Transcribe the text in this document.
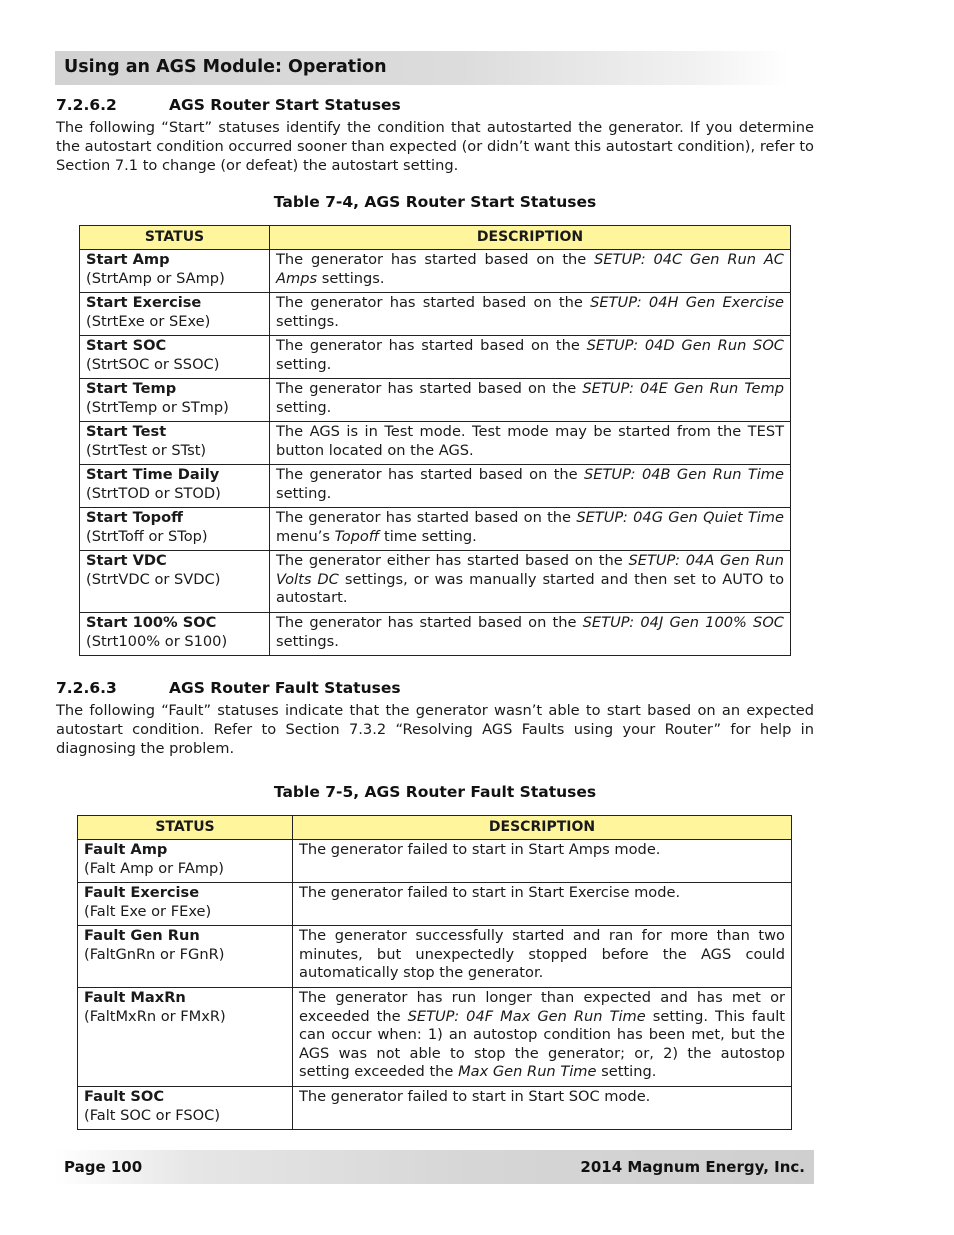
Using an AGS Module: Operation
7.2.6.2	AGS Router Start Statuses

The following “Start” statuses identify the condition that autostarted the generator. If you determine the autostart condition occurred sooner than expected (or didn’t want this autostart condition), refer to Section 7.1 to change (or defeat) the autostart setting.

Table 7-4, AGS Router Start Statuses
STATUS	DESCRIPTION

Start Amp
(StrtAmp or SAmp)	The generator has started based on the SETUP: 04C Gen Run AC Amps settings.

Start Exercise
(StrtExe or SExe)	The generator has started based on the SETUP: 04H Gen Exercise settings.

Start SOC
(StrtSOC or SSOC)	The generator has started based on the SETUP: 04D Gen Run SOC setting.

Start Temp
(StrtTemp or STmp)	The generator has started based on the SETUP: 04E Gen Run Temp setting.

Start Test
(StrtTest or STst)	The AGS is in Test mode. Test mode may be started from the TEST button located on the AGS.

Start Time Daily
(StrtTOD or STOD)	The generator has started based on the SETUP: 04B Gen Run Time setting.

Start Topoff
(StrtToff or STop)	The generator has started based on the SETUP: 04G Gen Quiet Time menu’s Topoff time setting.

Start VDC
(StrtVDC or SVDC)	The generator either has started based on the SETUP: 04A Gen Run Volts DC settings, or was manually started and then set to AUTO to autostart.

Start 100% SOC
(Strt100% or S100)	The generator has started based on the SETUP: 04J Gen 100% SOC settings.
7.2.6.3	AGS Router Fault Statuses

The following “Fault” statuses indicate that the generator wasn’t able to start based on an expected autostart condition. Refer to Section 7.3.2 “Resolving AGS Faults using your Router” for help in diagnosing the problem.

Table 7-5, AGS Router Fault Statuses
STATUS	DESCRIPTION

Fault Amp
(Falt Amp or FAmp)	The generator failed to start in Start Amps mode.

Fault Exercise
(Falt Exe or FExe)	The generator failed to start in Start Exercise mode.

Fault Gen Run
(FaltGnRn or FGnR)	The generator successfully started and ran for more than two minutes, but unexpectedly stopped before the AGS could automatically stop the generator.

Fault MaxRn
(FaltMxRn or FMxR)	The generator has run longer than expected and has met or exceeded the SETUP: 04F Max Gen Run Time setting. This fault can occur when: 1) an autostop condition has been met, but the AGS was not able to stop the generator; or, 2) the autostop setting exceeded the Max Gen Run Time setting.

Fault SOC
(Falt SOC or FSOC)	The generator failed to start in Start SOC mode.
Page 100	2014 Magnum Energy, Inc.
